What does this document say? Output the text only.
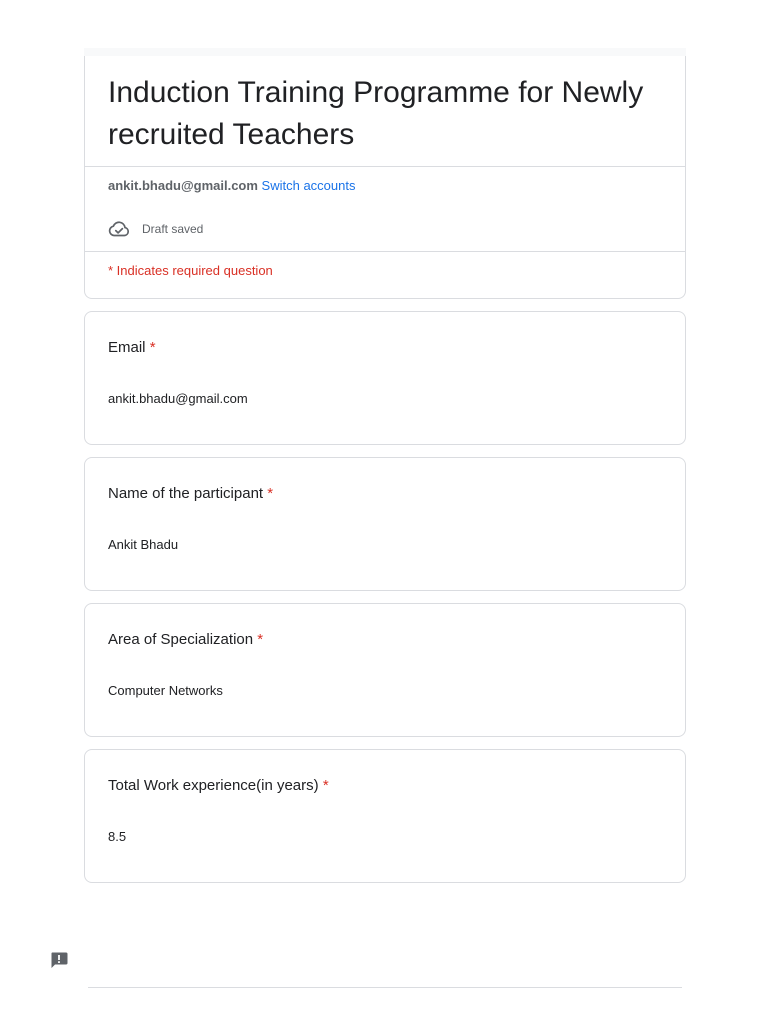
Induction Training Programme for Newly recruited Teachers
ankit.bhadu@gmail.com Switch accounts
Draft saved
* Indicates required question
Email *
ankit.bhadu@gmail.com
Name of the participant *
Ankit Bhadu
Area of Specialization *
Computer Networks
Total Work experience(in years) *
8.5
